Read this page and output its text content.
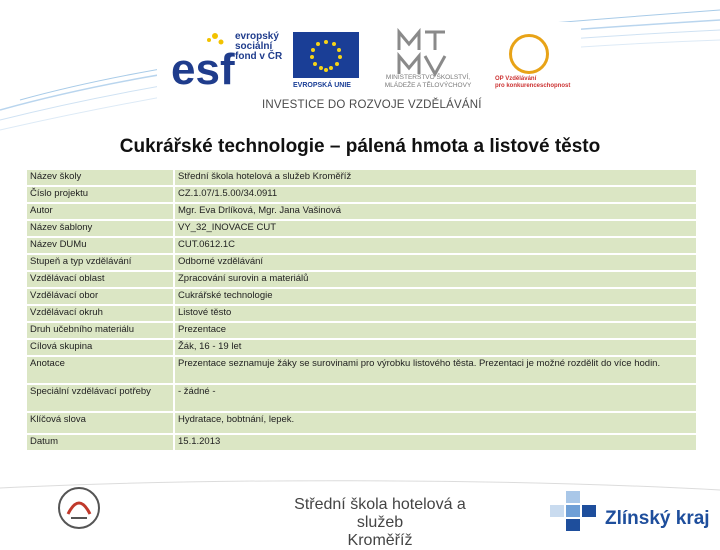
esf
evropský
sociální
fond v ČR
EVROPSKÁ UNIE
MINISTERSTVO ŠKOLSTVÍ,
MLÁDEŽE A TĚLOVÝCHOVY
OP Vzdělávání
pro konkurenceschopnost
INVESTICE DO ROZVOJE VZDĚLÁVÁNÍ
Cukrářské technologie – pálená hmota a listové těsto
Název školy	Střední škola hotelová a služeb Kroměříž
Číslo projektu	CZ.1.07/1.5.00/34.0911
Autor	Mgr. Eva Drlíková, Mgr. Jana Vašinová
Název šablony	VY_32_INOVACE CUT
Název DUMu	CUT.0612.1C
Stupeň a typ vzdělávání	Odborné vzdělávání
Vzdělávací oblast	Zpracování surovin a materiálů
Vzdělávací obor	Cukrářské technologie
Vzdělávací okruh	Listové těsto
Druh učebního materiálu	Prezentace
Cílová skupina	Žák, 16 - 19 let
Anotace	Prezentace seznamuje žáky se surovinami pro výrobku listového těsta. Prezentaci je možné rozdělit do více hodin.
Speciální vzdělávací potřeby	- žádné -
Klíčová slova	Hydratace, bobtnání, lepek.
Datum	15.1.2013
Střední škola hotelová a služeb
Kroměříž
Zlínský kraj
